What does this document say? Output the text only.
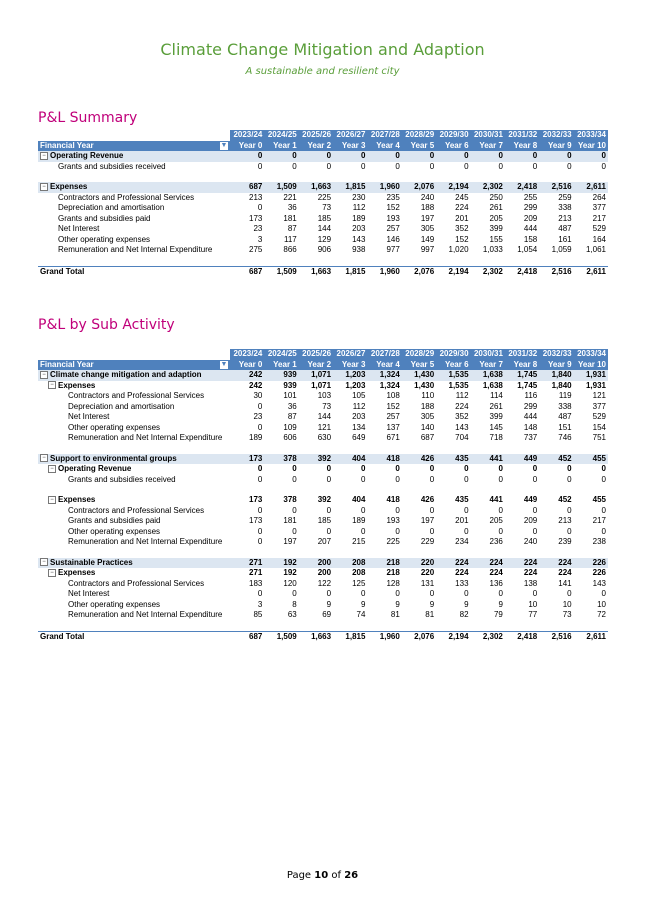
Climate Change Mitigation and Adaption
A sustainable and resilient city
P&L Summary
	2023/24	2024/25	2025/26	2026/27	2027/28	2028/29	2029/30	2030/31	2031/32	2032/33	2033/34
Financial Year ▼	Year 0	Year 1	Year 2	Year 3	Year 4	Year 5	Year 6	Year 7	Year 8	Year 9	Year 10
− Operating Revenue	0	0	0	0	0	0	0	0	0	0	0
Grants and subsidies received	0	0	0	0	0	0	0	0	0	0	0

− Expenses	687	1,509	1,663	1,815	1,960	2,076	2,194	2,302	2,418	2,516	2,611
Contractors and Professional Services	213	221	225	230	235	240	245	250	255	259	264
Depreciation and amortisation	0	36	73	112	152	188	224	261	299	338	377
Grants and subsidies paid	173	181	185	189	193	197	201	205	209	213	217
Net Interest	23	87	144	203	257	305	352	399	444	487	529
Other operating expenses	3	117	129	143	146	149	152	155	158	161	164
Remuneration and Net Internal Expenditure	275	866	906	938	977	997	1,020	1,033	1,054	1,059	1,061

Grand Total	687	1,509	1,663	1,815	1,960	2,076	2,194	2,302	2,418	2,516	2,611
P&L by Sub Activity
	2023/24	2024/25	2025/26	2026/27	2027/28	2028/29	2029/30	2030/31	2031/32	2032/33	2033/34
Financial Year ▼	Year 0	Year 1	Year 2	Year 3	Year 4	Year 5	Year 6	Year 7	Year 8	Year 9	Year 10
− Climate change mitigation and adaption	242	939	1,071	1,203	1,324	1,430	1,535	1,638	1,745	1,840	1,931
− Expenses	242	939	1,071	1,203	1,324	1,430	1,535	1,638	1,745	1,840	1,931
Contractors and Professional Services	30	101	103	105	108	110	112	114	116	119	121
Depreciation and amortisation	0	36	73	112	152	188	224	261	299	338	377
Net Interest	23	87	144	203	257	305	352	399	444	487	529
Other operating expenses	0	109	121	134	137	140	143	145	148	151	154
Remuneration and Net Internal Expenditure	189	606	630	649	671	687	704	718	737	746	751

− Support to environmental groups	173	378	392	404	418	426	435	441	449	452	455
− Operating Revenue	0	0	0	0	0	0	0	0	0	0	0
Grants and subsidies received	0	0	0	0	0	0	0	0	0	0	0

− Expenses	173	378	392	404	418	426	435	441	449	452	455
Contractors and Professional Services	0	0	0	0	0	0	0	0	0	0	0
Grants and subsidies paid	173	181	185	189	193	197	201	205	209	213	217
Other operating expenses	0	0	0	0	0	0	0	0	0	0	0
Remuneration and Net Internal Expenditure	0	197	207	215	225	229	234	236	240	239	238

− Sustainable Practices	271	192	200	208	218	220	224	224	224	224	226
− Expenses	271	192	200	208	218	220	224	224	224	224	226
Contractors and Professional Services	183	120	122	125	128	131	133	136	138	141	143
Net Interest	0	0	0	0	0	0	0	0	0	0	0
Other operating expenses	3	8	9	9	9	9	9	9	10	10	10
Remuneration and Net Internal Expenditure	85	63	69	74	81	81	82	79	77	73	72

Grand Total	687	1,509	1,663	1,815	1,960	2,076	2,194	2,302	2,418	2,516	2,611
Page 10 of 26
